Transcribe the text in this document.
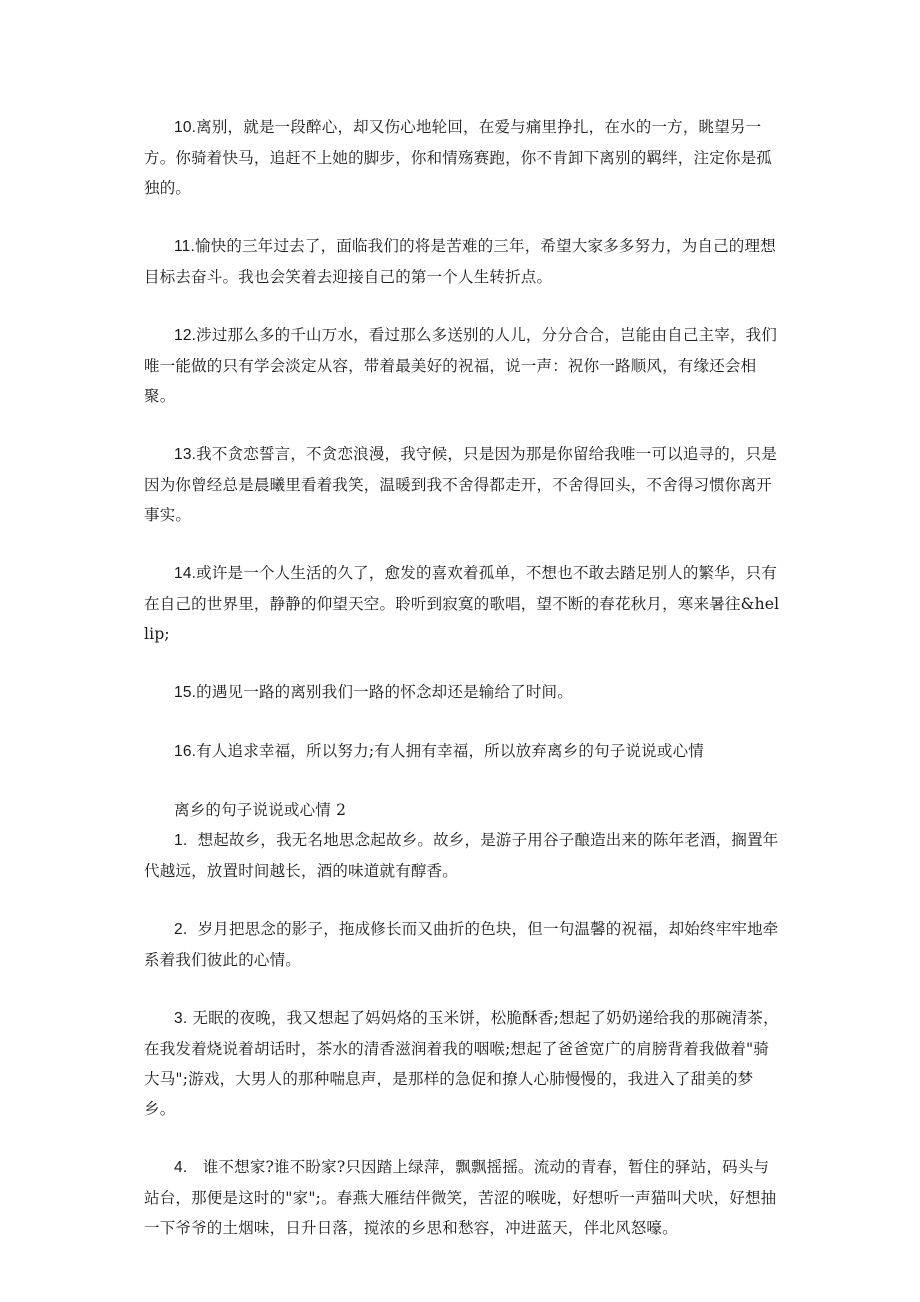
10.离别，就是一段醉心，却又伤心地轮回，在爱与痛里挣扎，在水的一方，眺望另一方。你骑着快马，追赶不上她的脚步，你和情殇赛跑，你不肯卸下离别的羁绊，注定你是孤独的。

11.愉快的三年过去了，面临我们的将是苦难的三年，希望大家多多努力，为自己的理想目标去奋斗。我也会笑着去迎接自己的第一个人生转折点。

12.涉过那么多的千山万水，看过那么多送别的人儿，分分合合，岂能由自己主宰，我们唯一能做的只有学会淡定从容，带着最美好的祝福，说一声：祝你一路顺风，有缘还会相聚。

13.我不贪恋誓言，不贪恋浪漫，我守候，只是因为那是你留给我唯一可以追寻的，只是因为你曾经总是晨曦里看着我笑，温暖到我不舍得都走开，不舍得回头，不舍得习惯你离开事实。

14.或许是一个人生活的久了，愈发的喜欢着孤单，不想也不敢去踏足别人的繁华，只有在自己的世界里，静静的仰望天空。聆听到寂寞的歌唱，望不断的春花秋月，寒来暑往&hellip;

15.的遇见一路的离别我们一路的怀念却还是输给了时间。

16.有人追求幸福，所以努力;有人拥有幸福，所以放弃离乡的句子说说或心情

离乡的句子说说或心情 2

1. 想起故乡，我无名地思念起故乡。故乡，是游子用谷子酿造出来的陈年老酒，搁置年代越远，放置时间越长，酒的味道就有醇香。

2. 岁月把思念的影子，拖成修长而又曲折的色块，但一句温馨的祝福，却始终牢牢地牵系着我们彼此的心情。

3. 无眠的夜晚，我又想起了妈妈烙的玉米饼，松脆酥香;想起了奶奶递给我的那碗清茶，在我发着烧说着胡话时，茶水的清香滋润着我的咽喉;想起了爸爸宽广的肩膀背着我做着"骑大马";游戏，大男人的那种喘息声，是那样的急促和撩人心肺慢慢的，我进入了甜美的梦乡。

4. 谁不想家?谁不盼家?只因踏上绿萍，飘飘摇摇。流动的青春，暂住的驿站，码头与站台，那便是这时的"家";。春燕大雁结伴微笑，苦涩的喉咙，好想听一声猫叫犬吠，好想抽一下爷爷的土烟味，日升日落，搅浓的乡思和愁容，冲进蓝天，伴北风怒嚎。
